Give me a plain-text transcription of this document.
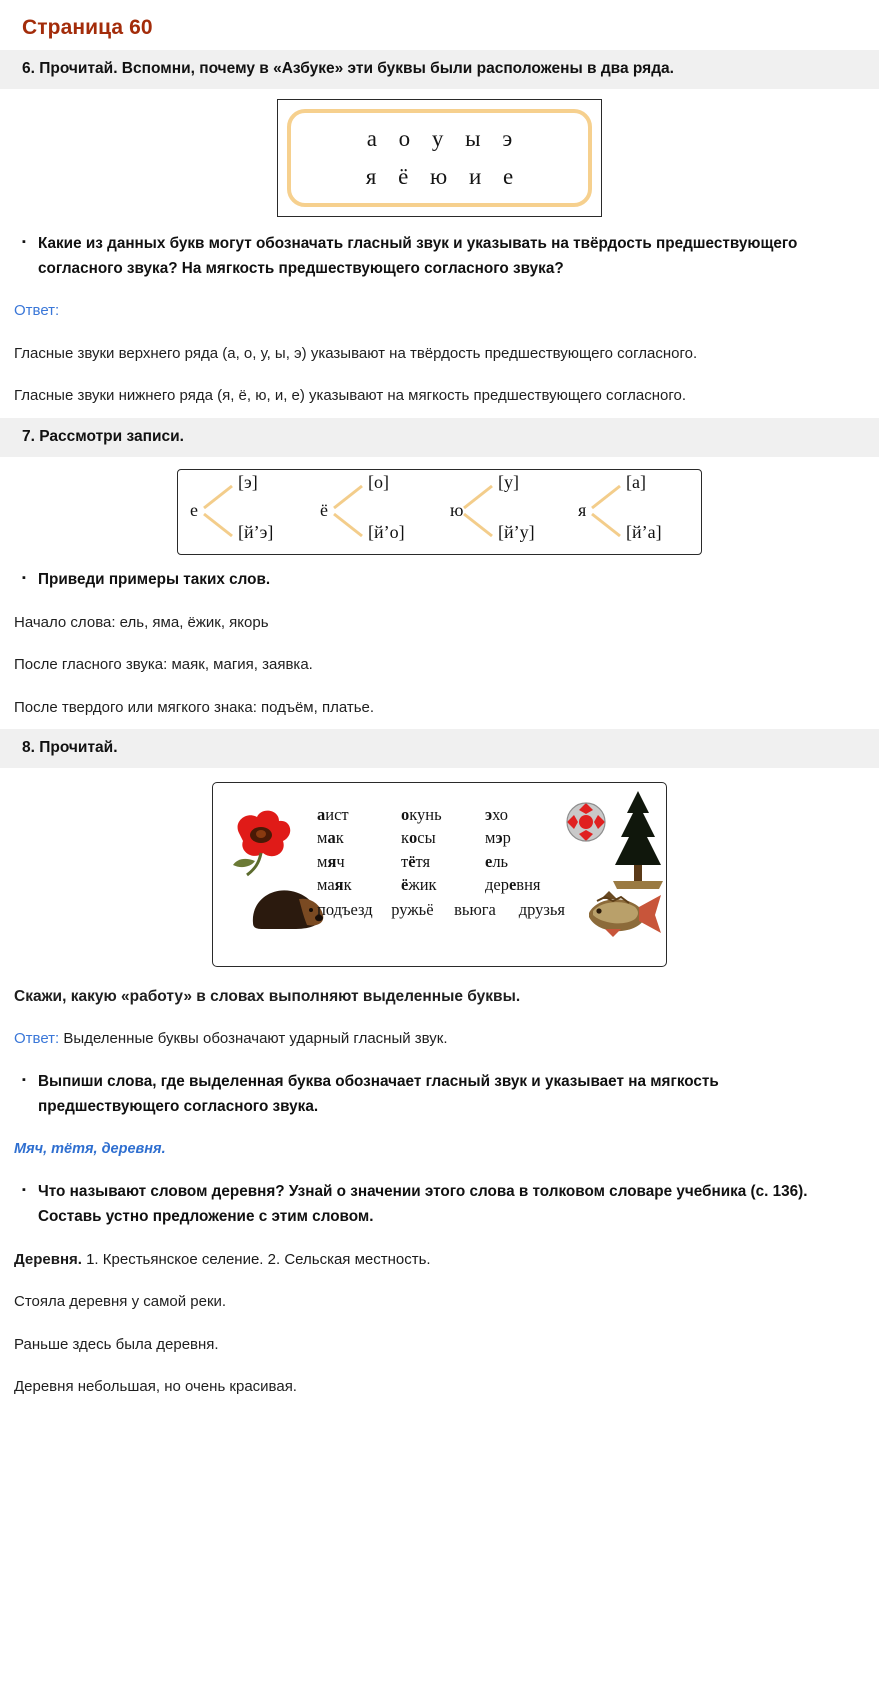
Страница 60
6. Прочитай. Вспомни, почему в «Азбуке» эти буквы были расположены в два ряда.
а о у ы э
я ё ю и е
▪ Какие из данных букв могут обозначать гласный звук и указывать на твёрдость предшествующего согласного звука? На мягкость предшествующего согласного звука?
Ответ:
Гласные звуки верхнего ряда (а, о, у, ы, э) указывают на твёрдость предшествующего согласного.
Гласные звуки нижнего ряда (я, ё, ю, и, е) указывают на мягкость предшествующего согласного.
7. Рассмотри записи.
е
[э]
[й’э]
ё
[о]
[й’о]
ю
[у]
[й’у]
я
[а]
[й’а]
▪ Приведи примеры таких слов.
Начало слова: ель, яма, ёжик, якорь
После гласного звука: маяк, магия, заявка.
После твердого или мягкого знака: подъём, платье.
8. Прочитай.
аист	окунь	эхо
мак	косы	мэр
мяч	тётя	ель
маяк	ёжик	деревня
подъезд	ружьё	вьюга	друзья
Скажи, какую «работу» в словах выполняют выделенные буквы.
Ответ: Выделенные буквы обозначают ударный гласный звук.
▪ Выпиши слова, где выделенная буква обозначает гласный звук и указывает на мягкость предшествующего согласного звука.
Мяч, тётя, деревня.
▪ Что называют словом деревня? Узнай о значении этого слова в толковом словаре учебника (с. 136). Составь устно предложение с этим словом.
Деревня. 1. Крестьянское селение. 2. Сельская местность.
Стояла деревня у самой реки.
Раньше здесь была деревня.
Деревня небольшая, но очень красивая.
